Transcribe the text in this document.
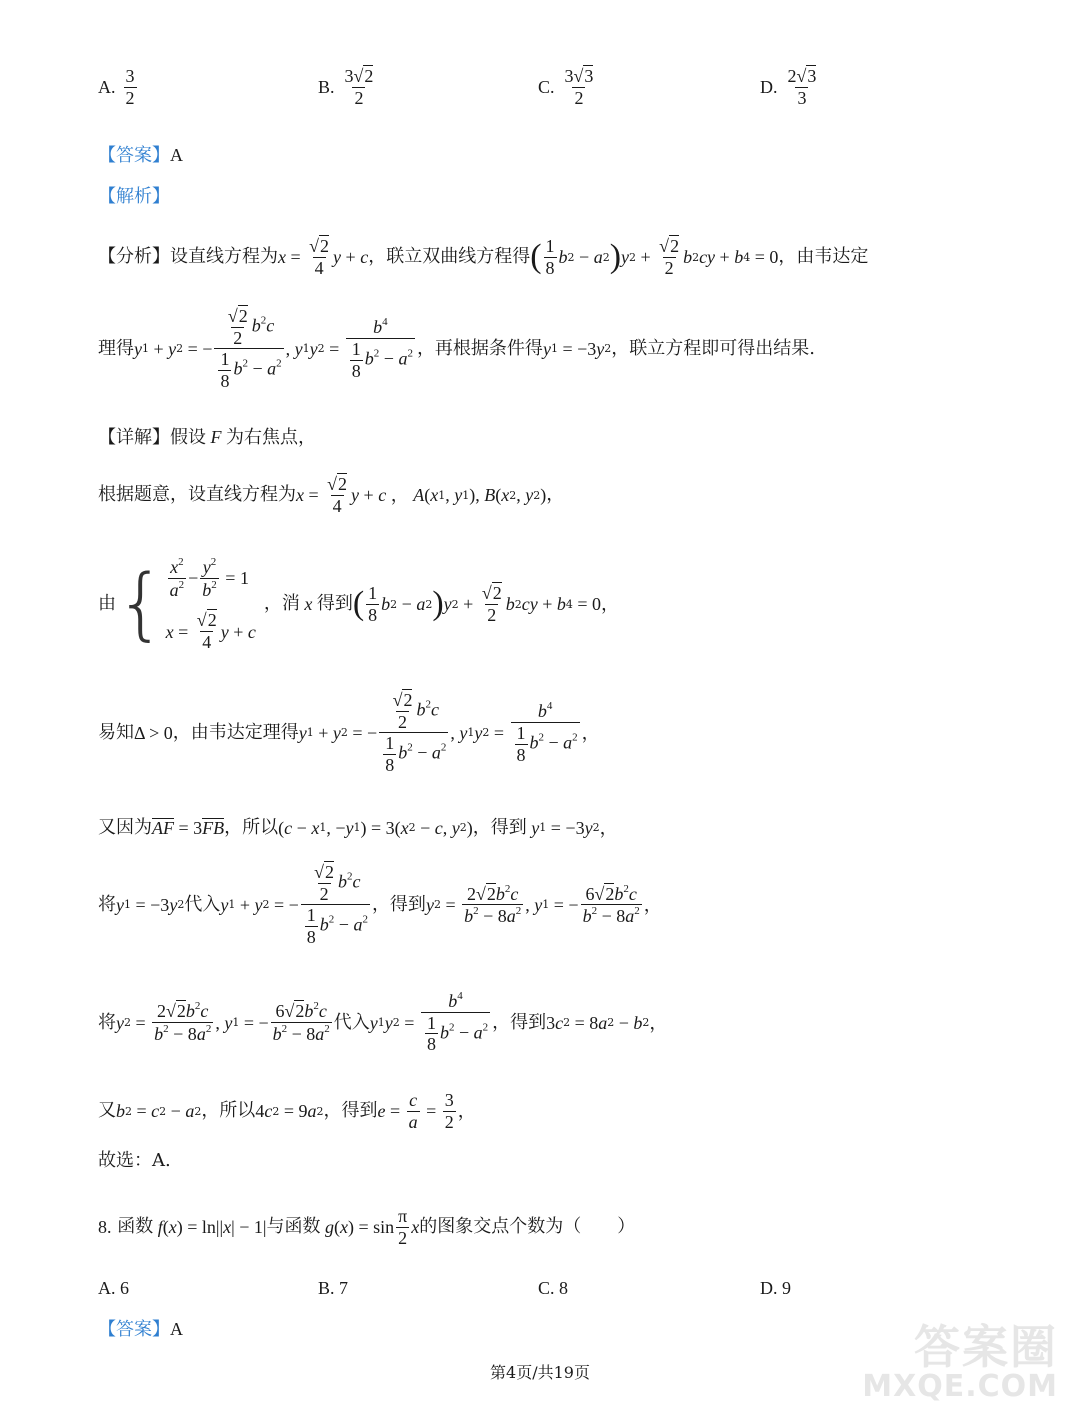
A. $\frac{3}{2}$	B. $\frac{3√2}{2}$	C. $\frac{3√3}{2}$	D. $\frac{2√3}{3}$
【答案】A
【解析】
【分析】 设直线方程为 $x = \frac{√2}{4}$ y + c ，联立双曲线方程得 ( $\frac{1}{8}$ b 2 − a 2 ) y $2 + \frac{√2}{2}$ b 2 cy + b 4 = 0 ，由韦达定
理得 y 1 + y 2 = − $\frac{\frac{√2}{2} b^2c}{\frac{1}{8} b^2 - a^2}$ , y 1 y $2 = \frac{b^4}{\frac{1}{8} b^2 - a^2}$ ，再根据条件得 y 1 = −3 y 2 ，联立方程即可得出结果.
【详解】假设 F 为右焦点，
根据题意，设直线方程为 $x = \frac{√2}{4}$ y + c ， A ( x 1 , y 1 ), B ( x 2 , y 2 ) ，
由 { $\frac{x^2}{a^2} - \frac{y^2}{b^2} = 1$
$x = \frac{√2}{4}$ y + c
，消 x 得到 ( $\frac{1}{8}$ b 2 − a 2 ) y $2 + \frac{√2}{2}$ b 2 cy + b 4 = 0，
易知 Δ > 0 ，由韦达定理得 y 1 + y 2 = − $\frac{\frac{√2}{2} b^2c}{\frac{1}{8} b^2 - a^2}$ , y 1 y $2 = \frac{b^4}{\frac{1}{8} b^2 - a^2}$ ，
又因为 AF = 3 FB ，所以 ( c − x 1 , − y 1 ) = 3( x 2 − c , y 2 ) ，得到 y 1 = −3 y 2 ，
将 y 1 = −3 y 2 代入 y 1 + y 2 = − $\frac{\frac{√2}{2} b^2c}{\frac{1}{8} b^2 - a^2}$ ，得到 y $2 = \frac{2√2b^2c}{b^2 - 8a^2}$ , y 1 = − $\frac{6√2b^2c}{b^2 - 8a^2}$ ，
将 y $2 = \frac{2√2b^2c}{b^2 - 8a^2}$ , y 1 = − $\frac{6√2b^2c}{b^2 - 8a^2}$ 代入 y 1 y $2 = \frac{b^4}{\frac{1}{8} b^2 - a^2}$ ，得到 3 c 2 = 8 a 2 − b 2 ，
又 b 2 = c 2 − a 2 ，所以 4 c 2 = 9 a 2 ，得到 $e = \frac{c}{a} = \frac{3}{2}$ ，
故选：A.
8.
函数 f ( x ) = ln|| x | − 1| 与函数 g ( x ) = $\sin \frac{\pi}{2}$ x 的图象交点个数为（　　）
A. 6	B. 7	C. 8	D. 9
【答案】A
第4页/共19页	答案圈
MXQE.COM
